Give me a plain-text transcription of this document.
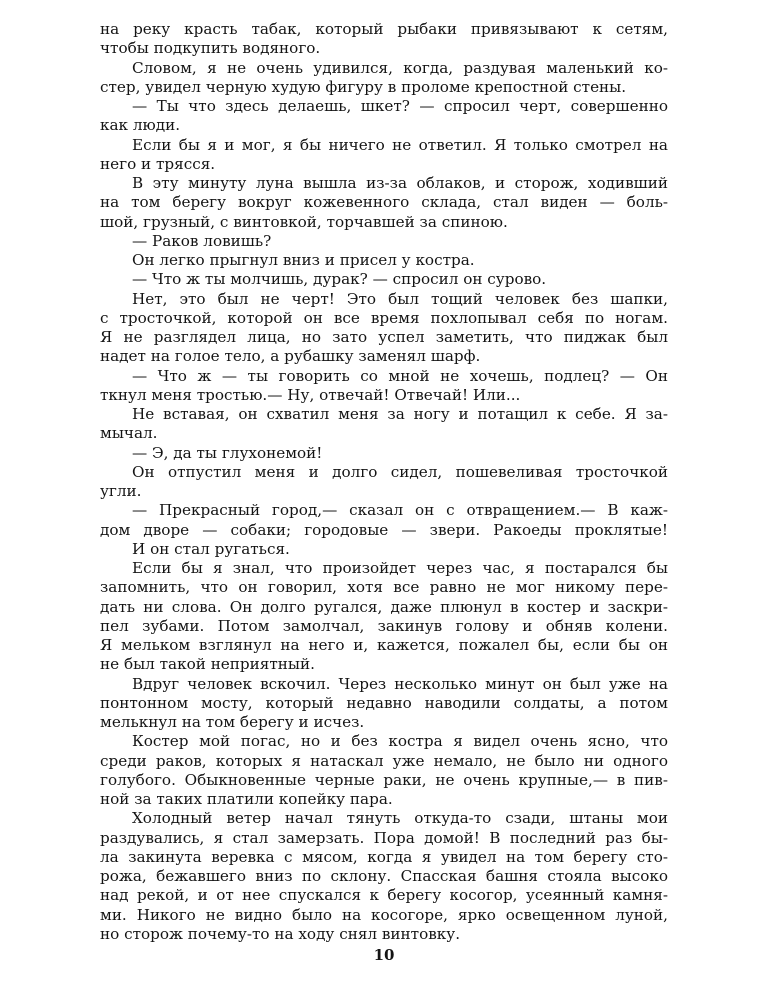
на реку красть табак, который рыбаки привязывают к сетям,
чтобы подкупить водяного.
Словом, я не очень удивился, когда, раздувая маленький ко-
стер, увидел черную худую фигуру в проломе крепостной стены.
— Ты что здесь делаешь, шкет? — спросил черт, совершенно
как люди.
Если бы я и мог, я бы ничего не ответил. Я только смотрел на
него и трясся.
В эту минуту луна вышла из-за облаков, и сторож, ходивший
на том берегу вокруг кожевенного склада, стал виден — боль-
шой, грузный, с винтовкой, торчавшей за спиною.
— Раков ловишь?
Он легко прыгнул вниз и присел у костра.
— Что ж ты молчишь, дурак? — спросил он сурово.
Нет, это был не черт! Это был тощий человек без шапки,
с тросточкой, которой он все время похлопывал себя по ногам.
Я не разглядел лица, но зато успел заметить, что пиджак был
надет на голое тело, а рубашку заменял шарф.
— Что ж — ты говорить со мной не хочешь, подлец? — Он
ткнул меня тростью.— Ну, отвечай! Отвечай! Или...
Не вставая, он схватил меня за ногу и потащил к себе. Я за-
мычал.
— Э, да ты глухонемой!
Он отпустил меня и долго сидел, пошевеливая тросточкой
угли.
— Прекрасный город,— сказал он с отвращением.— В каж-
дом дворе — собаки; городовые — звери. Ракоеды проклятые!
И он стал ругаться.
Если бы я знал, что произойдет через час, я постарался бы
запомнить, что он говорил, хотя все равно не мог никому пере-
дать ни слова. Он долго ругался, даже плюнул в костер и заскри-
пел зубами. Потом замолчал, закинув голову и обняв колени.
Я мельком взглянул на него и, кажется, пожалел бы, если бы он
не был такой неприятный.
Вдруг человек вскочил. Через несколько минут он был уже на
понтонном мосту, который недавно наводили солдаты, а потом
мелькнул на том берегу и исчез.
Костер мой погас, но и без костра я видел очень ясно, что
среди раков, которых я натаскал уже немало, не было ни одного
голубого. Обыкновенные черные раки, не очень крупные,— в пив-
ной за таких платили копейку пара.
Холодный ветер начал тянуть откуда-то сзади, штаны мои
раздувались, я стал замерзать. Пора домой! В последний раз бы-
ла закинута веревка с мясом, когда я увидел на том берегу сто-
рожа, бежавшего вниз по склону. Спасская башня стояла высоко
над рекой, и от нее спускался к берегу косогор, усеянный камня-
ми. Никого не видно было на косогоре, ярко освещенном луной,
но сторож почему-то на ходу снял винтовку.
10
